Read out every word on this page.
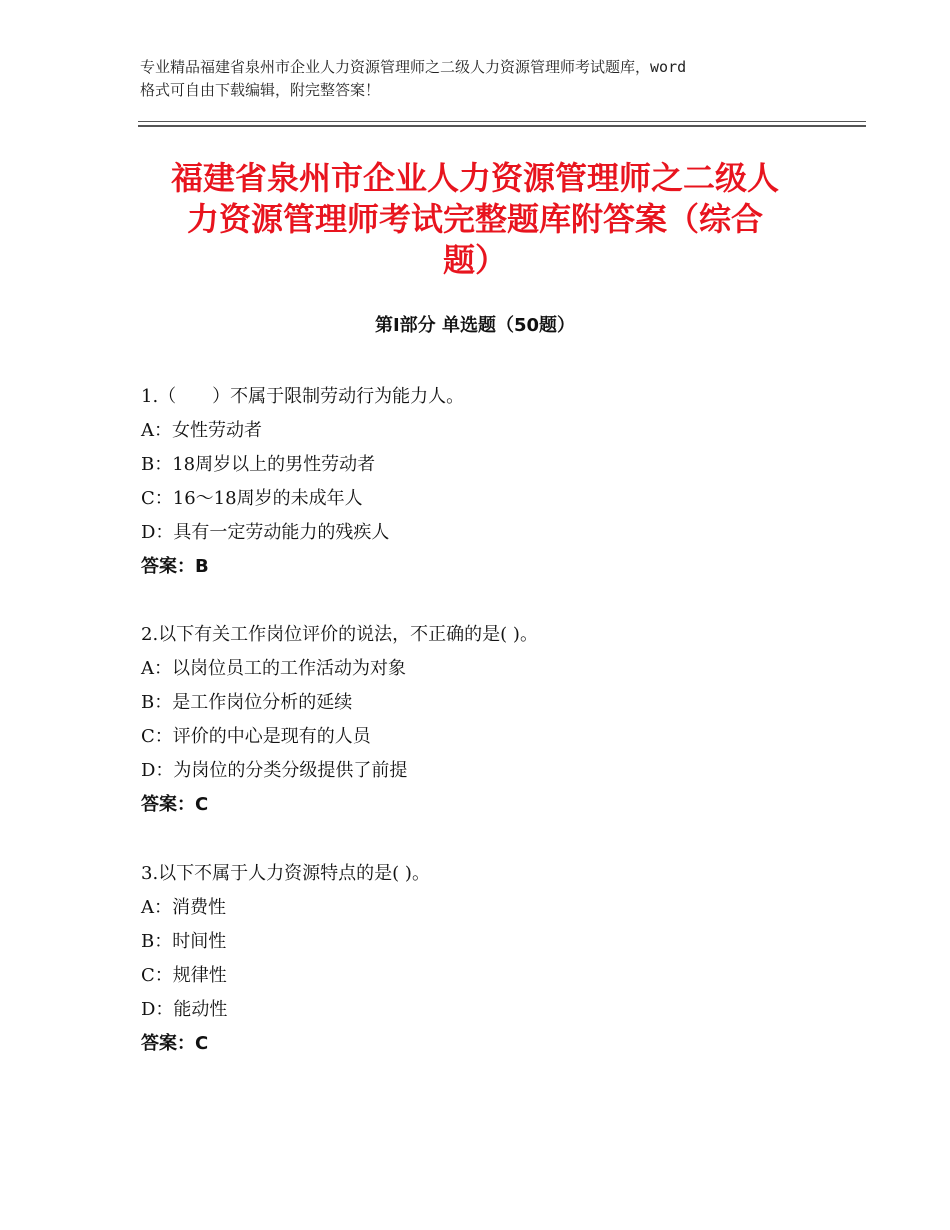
专业精品福建省泉州市企业人力资源管理师之二级人力资源管理师考试题库，word
格式可自由下载编辑，附完整答案！
福建省泉州市企业人力资源管理师之二级人
力资源管理师考试完整题库附答案（综合
题）
第Ⅰ部分 单选题（50题）
1.（　　）不属于限制劳动行为能力人。
A：女性劳动者
B：18周岁以上的男性劳动者
C：16～18周岁的未成年人
D：具有一定劳动能力的残疾人
答案：B
2.以下有关工作岗位评价的说法，不正确的是( )。
A：以岗位员工的工作活动为对象
B：是工作岗位分析的延续
C：评价的中心是现有的人员
D：为岗位的分类分级提供了前提
答案：C
3.以下不属于人力资源特点的是( )。
A：消费性
B：时间性
C：规律性
D：能动性
答案：C
